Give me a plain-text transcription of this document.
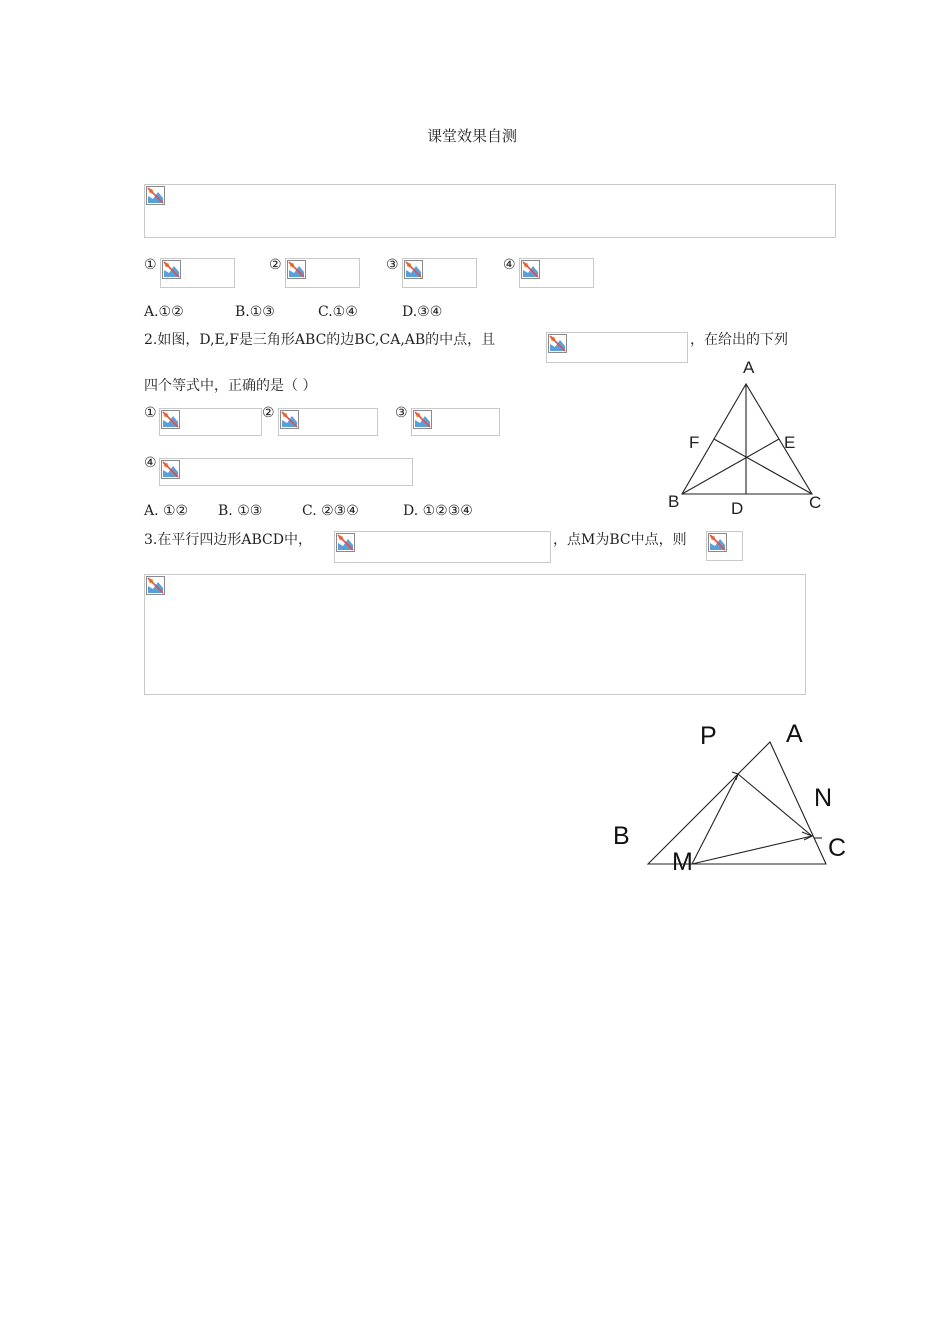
课堂效果自测
①	②	③	④
A.①②	B.①③	C.①④	D.③④
2.如图，D,E,F是三角形ABC的边BC,CA,AB的中点，且	，在给出的下列
四个等式中，正确的是（ ）
①	②	③
④
A. ①② B. ①③	C. ②③④	D. ①②③④
A
F	E
B	D	C
3.在平行四边形ABCD中，	，点M为BC中点，则
P	A
N
B
M	C
